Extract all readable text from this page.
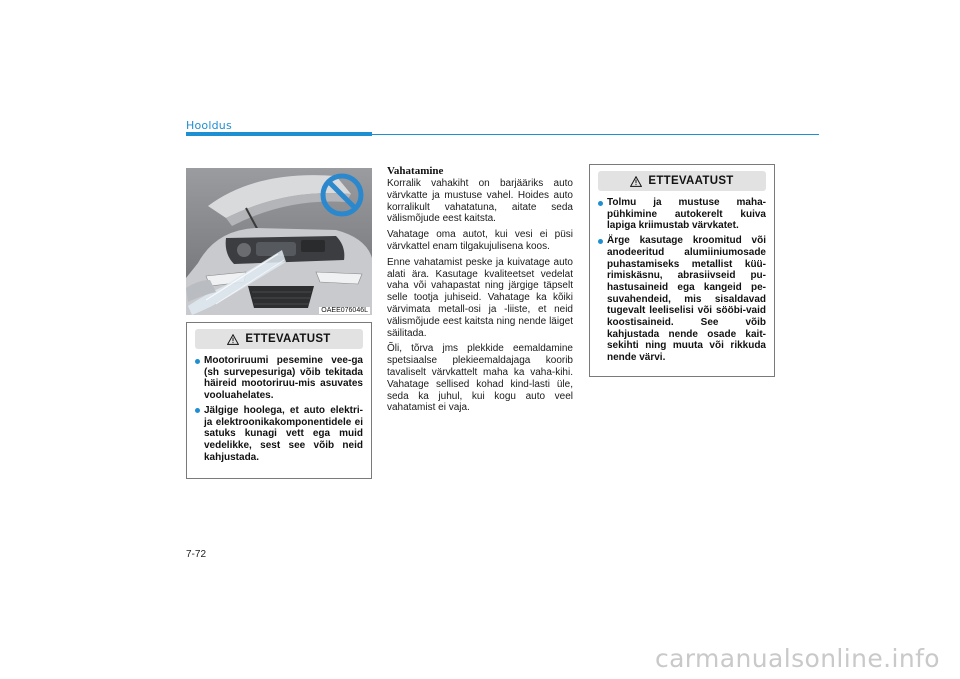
Hooldus
OAEE076046L
ETTEVAATUST
Mootoriruumi pesemine vee-ga (sh survepesuriga) võib tekitada häireid mootoriruu-mis asuvates vooluahelates.
Jälgige hoolega, et auto elektri- ja elektroonikakomponentidele ei satuks kunagi vett ega muid vedelikke, sest see võib neid kahjustada.
Vahatamine

Korralik vahakiht on barjääriks auto värvkatte ja mustuse vahel. Hoides auto korralikult vahatatuna, aitate seda välismõjude eest kaitsta.

Vahatage oma autot, kui vesi ei püsi värvkattel enam tilgakujulisena koos.

Enne vahatamist peske ja kuivatage auto alati ära. Kasutage kvaliteetset vedelat vaha või vahapastat ning järgige täpselt selle tootja juhiseid. Vahatage ka kõiki värvimata metall-osi ja -liiste, et neid välismõjude eest kaitsta ning nende läiget säilitada.

Õli, tõrva jms plekkide eemaldamine spetsiaalse plekieemaldajaga koorib tavaliselt värvkattelt maha ka vaha-kihi. Vahatage sellised kohad kind-lasti üle, seda ka juhul, kui kogu auto veel vahatamist ei vaja.

ETTEVAATUST
Tolmu ja mustuse maha-pühkimine autokerelt kuiva lapiga kriimustab värvkatet.
Ärge kasutage kroomitud või anodeeritud alumiiniumosade puhastamiseks metallist küü-rimiskäsnu, abrasiivseid pu-hastusaineid ega kangeid pe-suvahendeid, mis sisaldavad tugevalt leeliselisi või sööbi-vaid koostisaineid. See võib kahjustada nende osade kait-sekihti ning muuta või rikkuda nende värvi.
7-72
carmanualsonline.info
